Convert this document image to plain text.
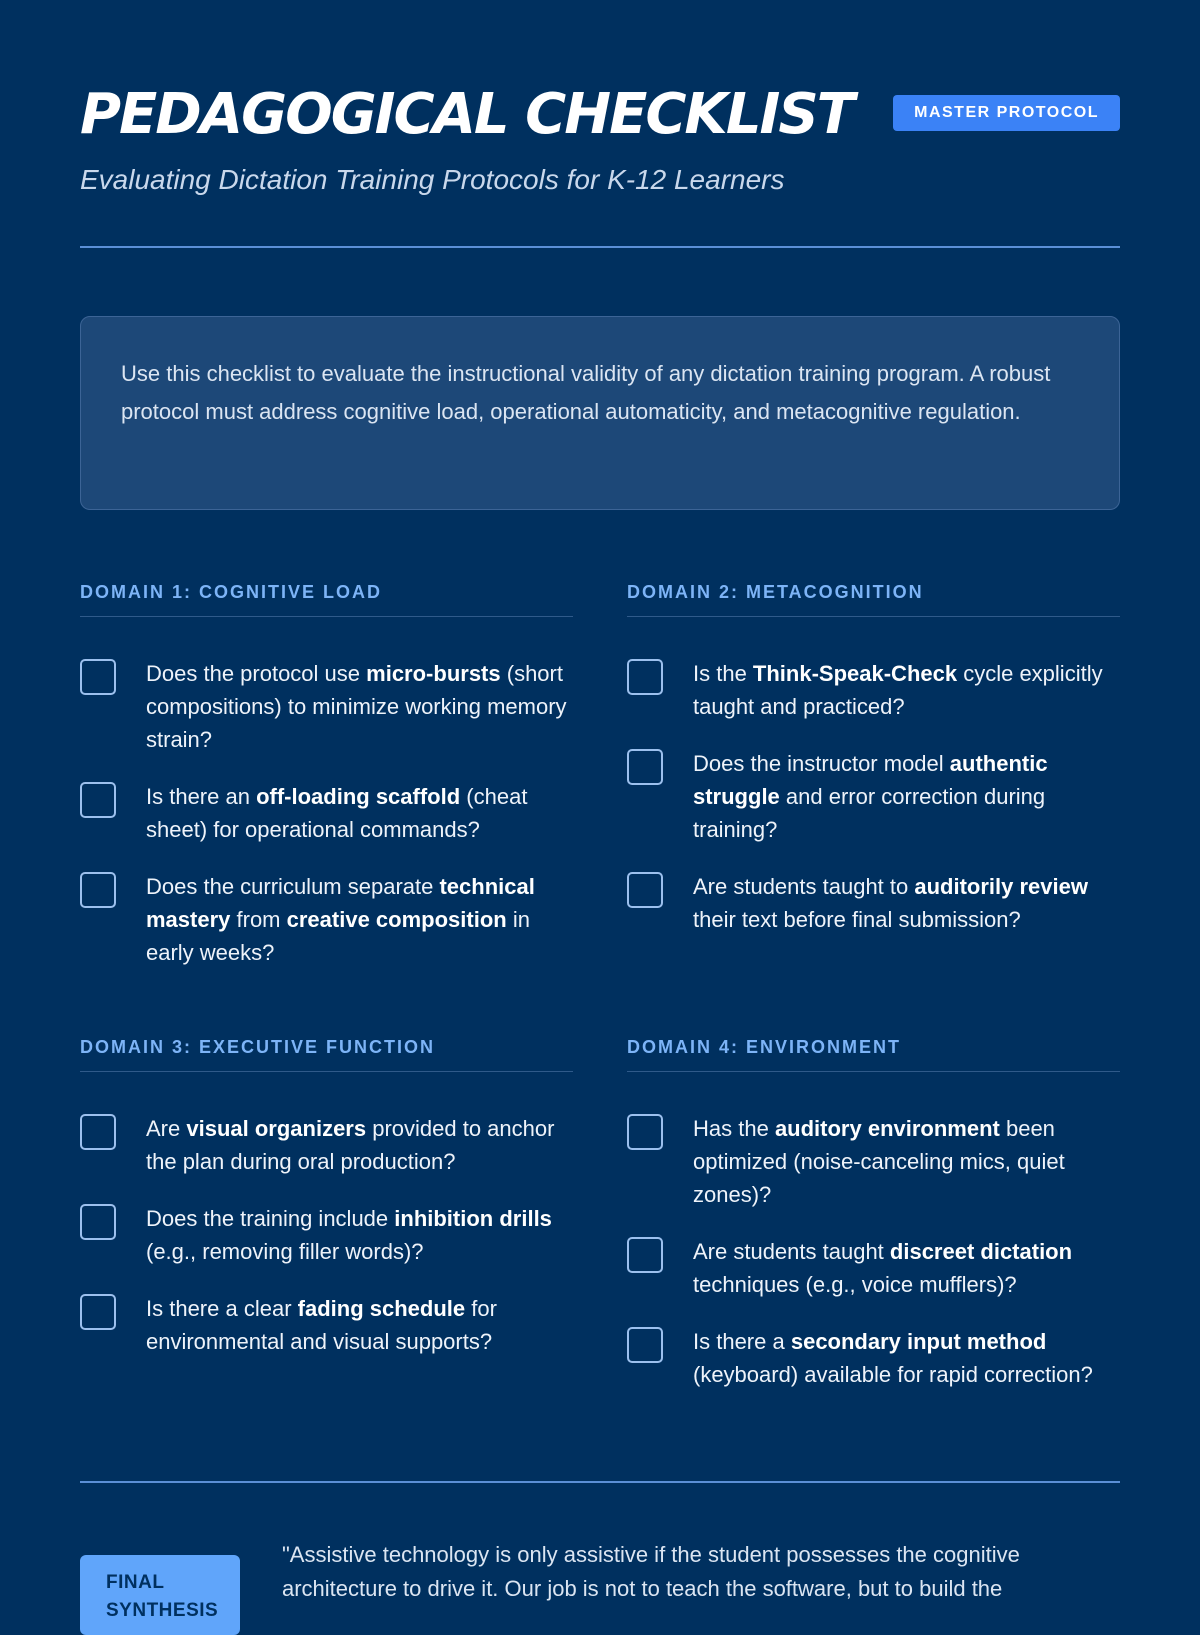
PEDAGOGICAL CHECKLIST	MASTER PROTOCOL
Evaluating Dictation Training Protocols for K-12 Learners
Use this checklist to evaluate the instructional validity of any dictation training program. A robust protocol must address cognitive load, operational automaticity, and metacognitive regulation.
DOMAIN 1: COGNITIVE LOAD
Does the protocol use micro-bursts (short compositions) to minimize working memory strain?
Is there an off-loading scaffold (cheat sheet) for operational commands?
Does the curriculum separate technical mastery from creative composition in early weeks?
DOMAIN 2: METACOGNITION
Is the Think-Speak-Check cycle explicitly taught and practiced?
Does the instructor model authentic struggle and error correction during training?
Are students taught to auditorily review their text before final submission?
DOMAIN 3: EXECUTIVE FUNCTION
Are visual organizers provided to anchor the plan during oral production?
Does the training include inhibition drills (e.g., removing filler words)?
Is there a clear fading schedule for environmental and visual supports?
DOMAIN 4: ENVIRONMENT
Has the auditory environment been optimized (noise-canceling mics, quiet zones)?
Are students taught discreet dictation techniques (e.g., voice mufflers)?
Is there a secondary input method (keyboard) available for rapid correction?
FINAL SYNTHESIS
"Assistive technology is only assistive if the student possesses the cognitive architecture to drive it. Our job is not to teach the software, but to build the
